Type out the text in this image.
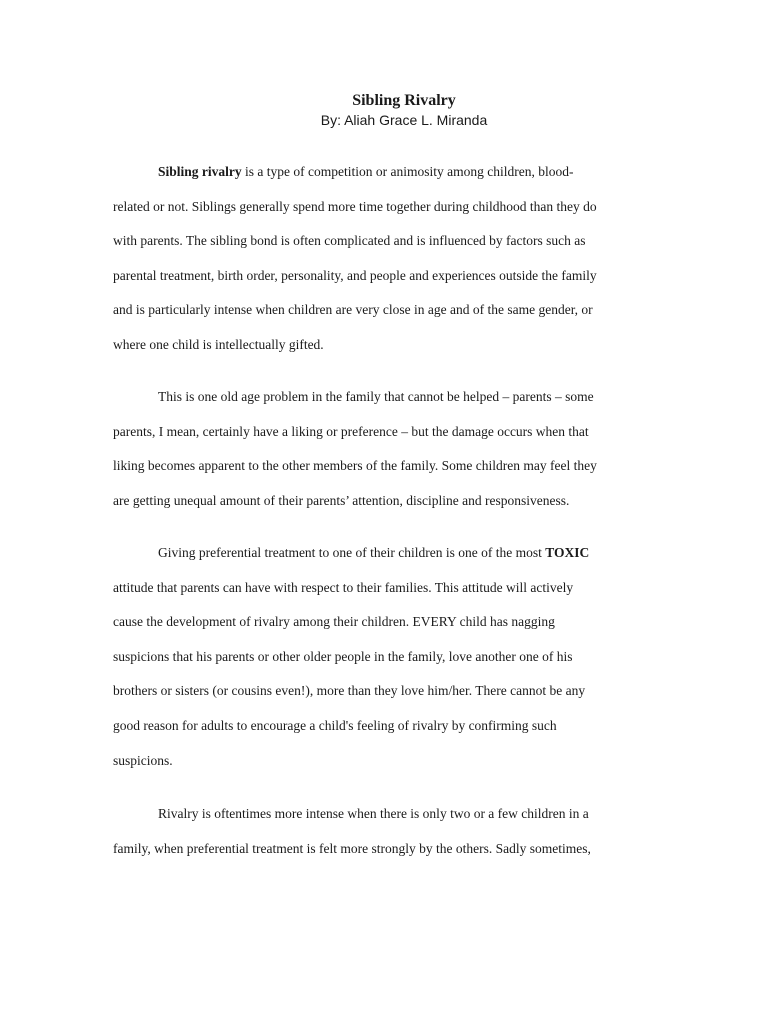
Sibling Rivalry
By: Aliah Grace L. Miranda
Sibling rivalry is a type of competition or animosity among children, blood-
related or not. Siblings generally spend more time together during childhood than they do
with parents. The sibling bond is often complicated and is influenced by factors such as
parental treatment, birth order, personality, and people and experiences outside the family
and is particularly intense when children are very close in age and of the same gender, or
where one child is intellectually gifted.
This is one old age problem in the family that cannot be helped – parents – some
parents, I mean, certainly have a liking or preference – but the damage occurs when that
liking becomes apparent to the other members of the family. Some children may feel they
are getting unequal amount of their parents’ attention, discipline and responsiveness.
Giving preferential treatment to one of their children is one of the most TOXIC
attitude that parents can have with respect to their families. This attitude will actively
cause the development of rivalry among their children. EVERY child has nagging
suspicions that his parents or other older people in the family, love another one of his
brothers or sisters (or cousins even!), more than they love him/her. There cannot be any
good reason for adults to encourage a child's feeling of rivalry by confirming such
suspicions.
Rivalry is oftentimes more intense when there is only two or a few children in a
family, when preferential treatment is felt more strongly by the others. Sadly sometimes,
